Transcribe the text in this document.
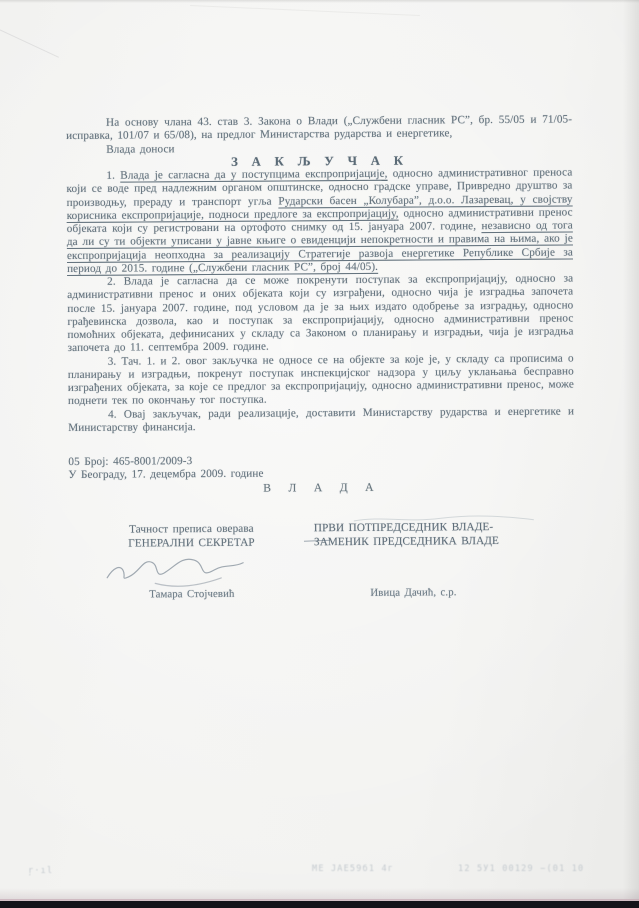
На основу члана 43. став 3. Закона о Влади („Службени гласник РС”, бр. 55/05 и 71/05-исправка, 101/07 и 65/08), на предлог Министарства рударства и енергетике,

Влада доноси

З А К Љ У Ч А К

1. Влада је сагласна да у поступцима експропријације, односно административног преноса који се воде пред надлежним органом општинске, односно градске управе, Привредно друштво за производњу, прераду и транспорт угља Рударски басен „Колубара”, д.о.о. Лазаревац, у својству корисника експропријације, подноси предлоге за експропријацију, односно административни пренос објеката који су регистровани на ортофото снимку од 15. јануара 2007. године, независно од тога да ли су ти објекти уписани у јавне књиге о евиденцији непокретности и правима на њима, ако је експропријација неопходна за реализацију Стратегије развоја енергетике Републике Србије за период до 2015. године („Службени гласник РС”, број 44/05).

2. Влада је сагласна да се може покренути поступак за експропријацију, односно за административни пренос и оних објеката који су изграђени, односно чија је изградња започета после 15. јануара 2007. године, под условом да је за њих издато одобрење за изградњу, односно грађевинска дозвола, као и поступак за експропријацију, односно административни пренос помоћних објеката, дефинисаних у складу са Законом о планирању и изградњи, чија је изградња започета до 11. септембра 2009. године.

3. Тач. 1. и 2. овог закључка не односе се на објекте за које је, у складу са прописима о планирању и изградњи, покренут поступак инспекцијског надзора у циљу уклањања бесправно изграђених објеката, за које се предлог за експропријацију, односно административни пренос, може поднети тек по окончању тог поступка.

4. Овај закључак, ради реализације, доставити Министарству рударства и енергетике и Министарству финансија.

05 Број: 465-8001/2009-3

У Београду, 17. децембра 2009. године

В Л А Д А

Тачност преписа оверава
ГЕНЕРАЛНИ СЕКРЕТАР
Тамара Стојчевић
ПРВИ ПОТПРЕДСЕДНИК ВЛАДЕ-
ЗАМЕНИК ПРЕДСЕДНИКА ВЛАДЕ
Ивица Дачић, с.р.
ŗ·ıl	МЕ ЈАЕ59б1 4г	12 5У1 00129 −(01 10
